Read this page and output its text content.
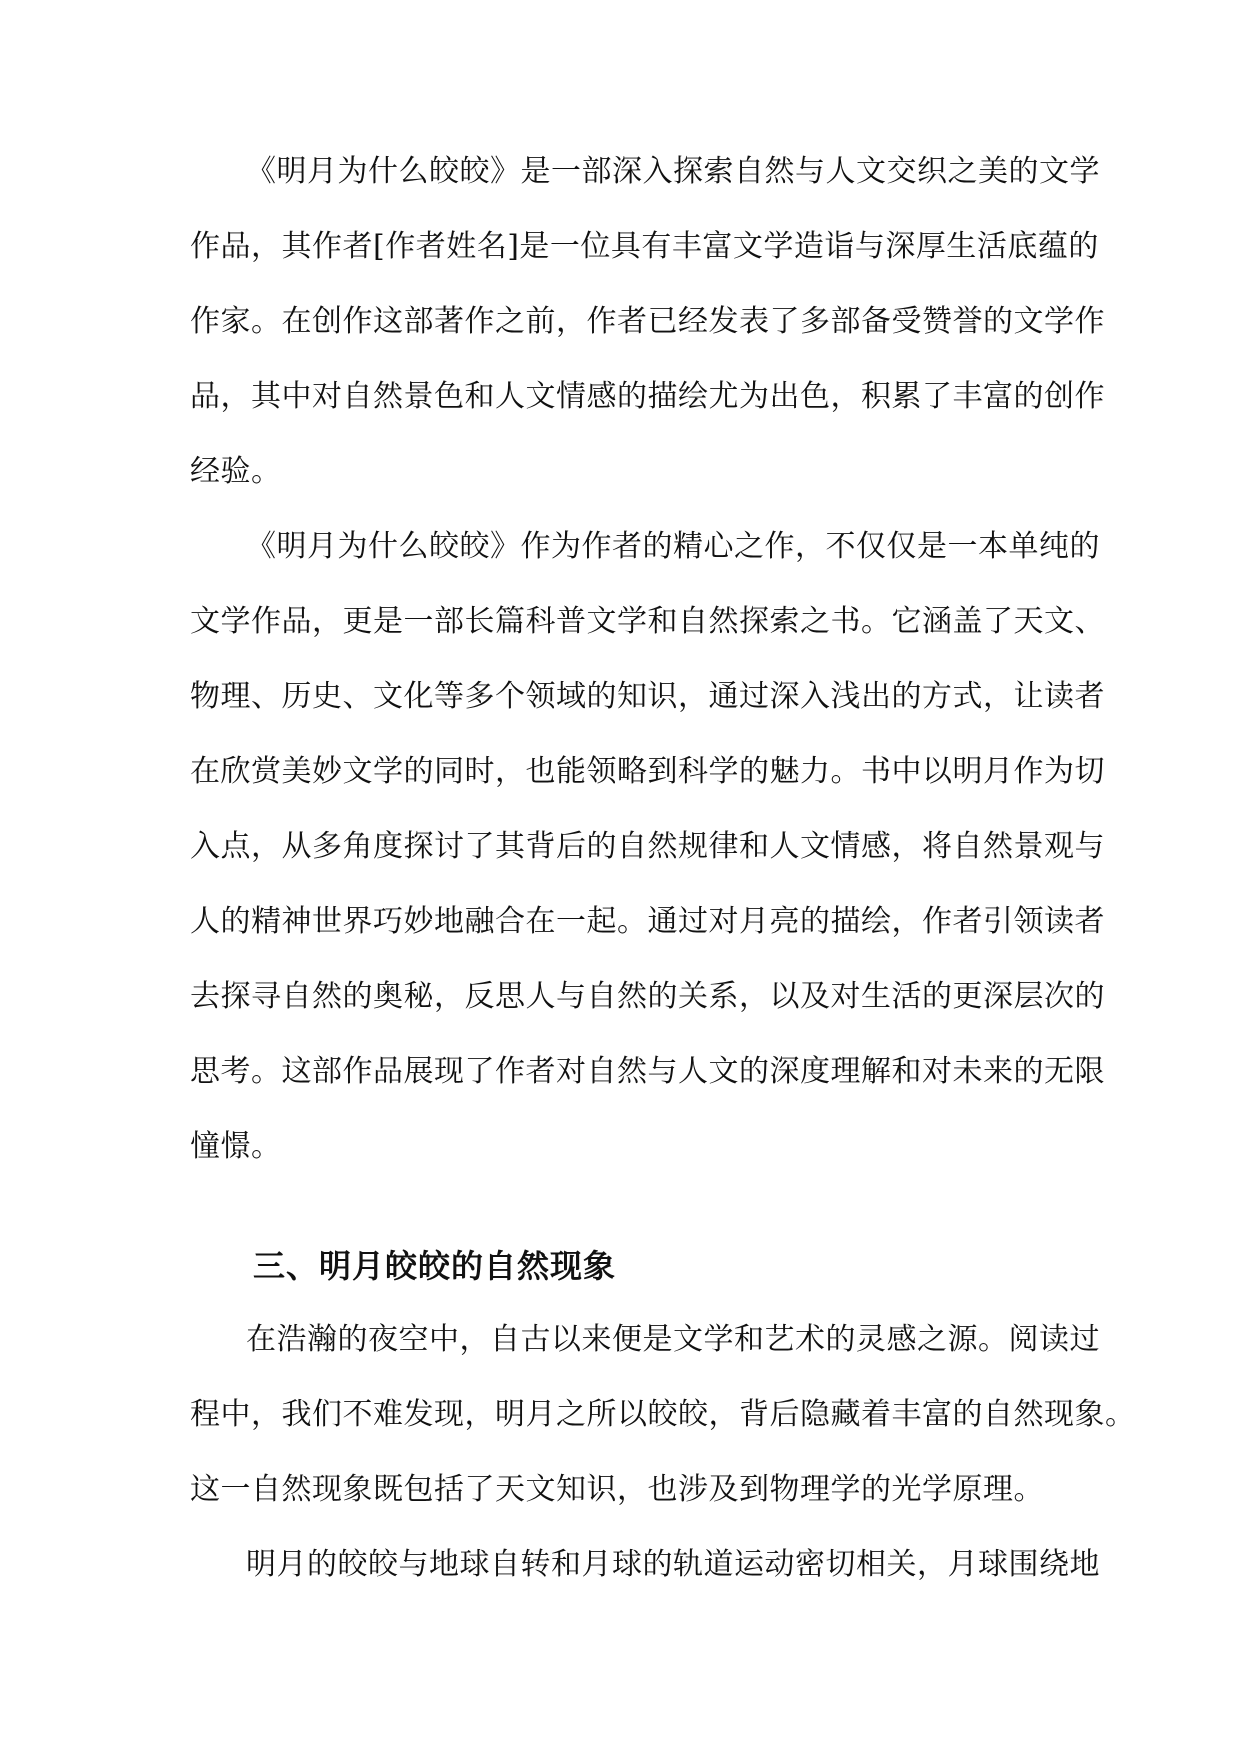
《明月为什么皎皎》是一部深入探索自然与人文交织之美的文学
作品，其作者[作者姓名]是一位具有丰富文学造诣与深厚生活底蕴的
作家。在创作这部著作之前，作者已经发表了多部备受赞誉的文学作
品，其中对自然景色和人文情感的描绘尤为出色，积累了丰富的创作
经验。
《明月为什么皎皎》作为作者的精心之作，不仅仅是一本单纯的
文学作品，更是一部长篇科普文学和自然探索之书。它涵盖了天文、
物理、历史、文化等多个领域的知识，通过深入浅出的方式，让读者
在欣赏美妙文学的同时，也能领略到科学的魅力。书中以明月作为切
入点，从多角度探讨了其背后的自然规律和人文情感，将自然景观与
人的精神世界巧妙地融合在一起。通过对月亮的描绘，作者引领读者
去探寻自然的奥秘，反思人与自然的关系，以及对生活的更深层次的
思考。这部作品展现了作者对自然与人文的深度理解和对未来的无限
憧憬。
三、明月皎皎的自然现象
在浩瀚的夜空中，自古以来便是文学和艺术的灵感之源。阅读过
程中，我们不难发现，明月之所以皎皎，背后隐藏着丰富的自然现象。
这一自然现象既包括了天文知识，也涉及到物理学的光学原理。
明月的皎皎与地球自转和月球的轨道运动密切相关，月球围绕地
